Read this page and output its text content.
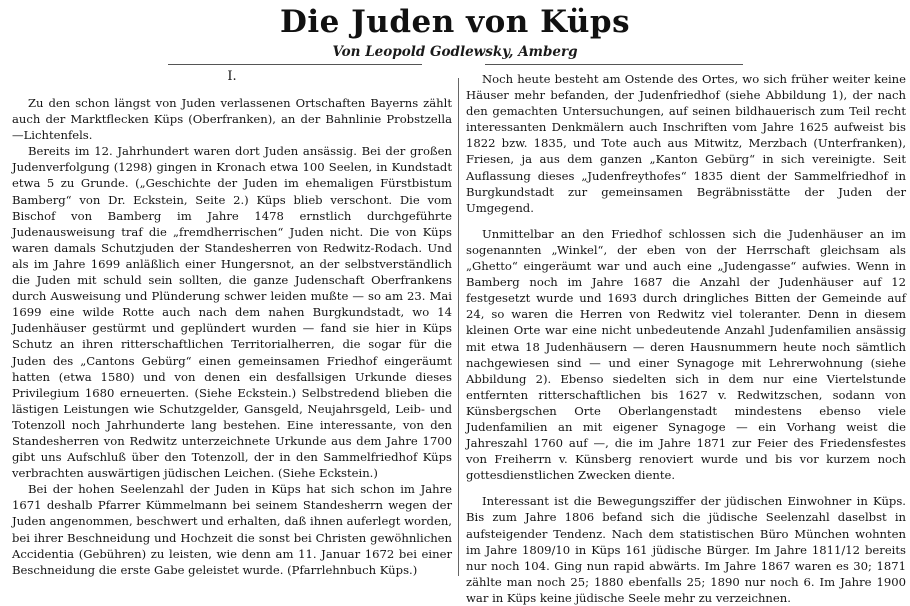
Die Juden von Küps
Von Leopold Godlewsky, Amberg
I.

Zu den schon längst von Juden verlassenen Ortschaften Bayerns zählt auch der Marktflecken Küps (Oberfranken), an der Bahnlinie Probstzella—Lichtenfels.

Bereits im 12. Jahrhundert waren dort Juden ansässig. Bei der großen Judenverfolgung (1298) gingen in Kronach etwa 100 Seelen, in Kundstadt etwa 5 zu Grunde. („Geschichte der Juden im ehemaligen Fürstbistum Bamberg“ von Dr. Eckstein, Seite 2.) Küps blieb verschont. Die vom Bischof von Bamberg im Jahre 1478 ernstlich durchgeführte Judenausweisung traf die „fremdherrischen“ Juden nicht. Die von Küps waren damals Schutzjuden der Standesherren von Redwitz-Rodach. Und als im Jahre 1699 anläßlich einer Hungersnot, an der selbstverständlich die Juden mit schuld sein sollten, die ganze Judenschaft Oberfrankens durch Ausweisung und Plünderung schwer leiden mußte — so am 23. Mai 1699 eine wilde Rotte auch nach dem nahen Burgkundstadt, wo 14 Judenhäuser gestürmt und geplündert wurden — fand sie hier in Küps Schutz an ihren ritterschaftlichen Territorialherren, die sogar für die Juden des „Cantons Gebürg“ einen gemeinsamen Friedhof eingeräumt hatten (etwa 1580) und von denen ein desfallsigen Urkunde dieses Privilegium 1680 erneuerten. (Siehe Eckstein.) Selbstredend blieben die lästigen Leistungen wie Schutzgelder, Gansgeld, Neujahrsgeld, Leib- und Totenzoll noch Jahrhunderte lang bestehen. Eine interessante, von den Standesherren von Redwitz unterzeichnete Urkunde aus dem Jahre 1700 gibt uns Aufschluß über den Totenzoll, der in den Sammelfriedhof Küps verbrachten auswärtigen jüdischen Leichen. (Siehe Eckstein.)

Bei der hohen Seelenzahl der Juden in Küps hat sich schon im Jahre 1671 deshalb Pfarrer Kümmelmann bei seinem Standesherrn wegen der Juden angenommen, beschwert und erhalten, daß ihnen auferlegt worden, bei ihrer Beschneidung und Hochzeit die sonst bei Christen gewöhnlichen Accidentia (Gebühren) zu leisten, wie denn am 11. Januar 1672 bei einer Beschneidung die erste Gabe geleistet wurde. (Pfarrlehnbuch Küps.)

Noch heute besteht am Ostende des Ortes, wo sich früher weiter keine Häuser mehr befanden, der Judenfriedhof (siehe Abbildung 1), der nach den gemachten Untersuchungen, auf seinen bildhauerisch zum Teil recht interessanten Denkmälern auch Inschriften vom Jahre 1625 aufweist bis 1822 bzw. 1835, und Tote auch aus Mitwitz, Merzbach (Unterfranken), Friesen, ja aus dem ganzen „Kanton Gebürg“ in sich vereinigte. Seit Auflassung dieses „Judenfreythofes“ 1835 dient der Sammelfriedhof in Burgkundstadt zur gemeinsamen Begräbnisstätte der Juden der Umgegend.

Unmittelbar an den Friedhof schlossen sich die Judenhäuser an im sogenannten „Winkel“, der eben von der Herrschaft gleichsam als „Ghetto“ eingeräumt war und auch eine „Judengasse“ aufwies. Wenn in Bamberg noch im Jahre 1687 die Anzahl der Judenhäuser auf 12 festgesetzt wurde und 1693 durch dringliches Bitten der Gemeinde auf 24, so waren die Herren von Redwitz viel toleranter. Denn in diesem kleinen Orte war eine nicht unbedeutende Anzahl Judenfamilien ansässig mit etwa 18 Judenhäusern — deren Hausnummern heute noch sämtlich nachgewiesen sind — und einer Synagoge mit Lehrerwohnung (siehe Abbildung 2). Ebenso siedelten sich in dem nur eine Viertelstunde entfernten ritterschaftlichen bis 1627 v. Redwitzschen, sodann von Künsbergschen Orte Oberlangenstadt mindestens ebenso viele Judenfamilien an mit eigener Synagoge — ein Vorhang weist die Jahreszahl 1760 auf —, die im Jahre 1871 zur Feier des Friedensfestes von Freiherrn v. Künsberg renoviert wurde und bis vor kurzem noch gottesdienstlichen Zwecken diente.

Interessant ist die Bewegungsziffer der jüdischen Einwohner in Küps. Bis zum Jahre 1806 befand sich die jüdische Seelenzahl daselbst in aufsteigender Tendenz. Nach dem statistischen Büro München wohnten im Jahre 1809/10 in Küps 161 jüdische Bürger. Im Jahre 1811/12 bereits nur noch 104. Ging nun rapid abwärts. Im Jahre 1867 waren es 30; 1871 zählte man noch 25; 1880 ebenfalls 25; 1890 nur noch 6. Im Jahre 1900 war in Küps keine jüdische Seele mehr zu verzeichnen.
